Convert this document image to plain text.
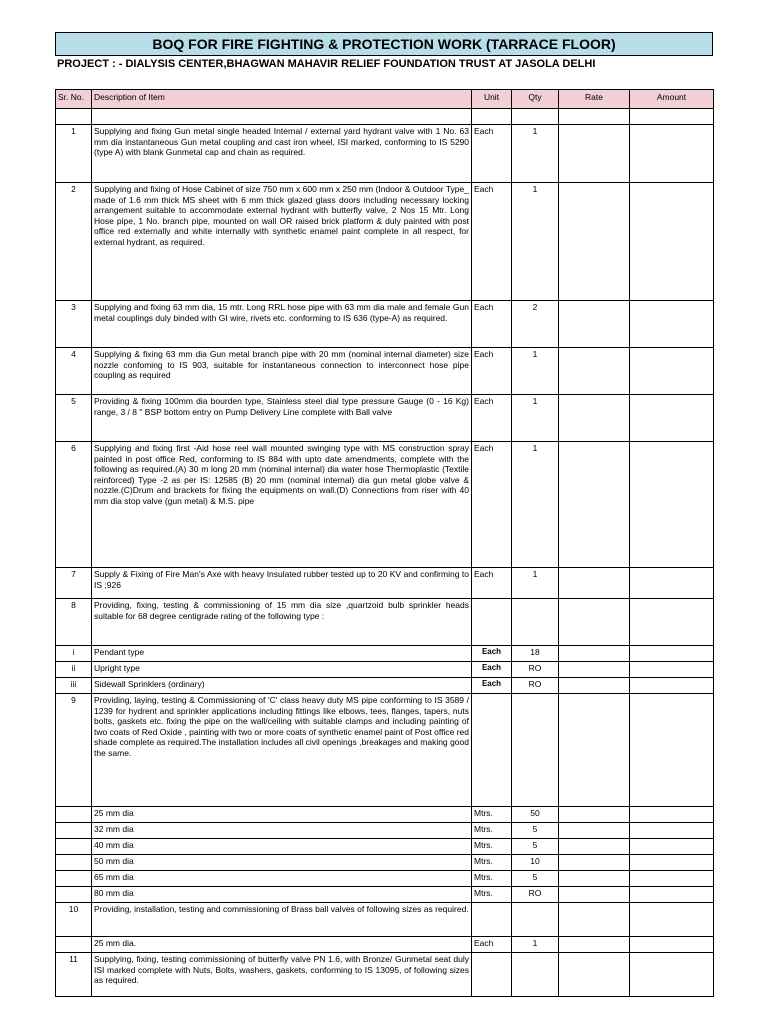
BOQ FOR FIRE FIGHTING & PROTECTION WORK (TARRACE FLOOR)
PROJECT : - DIALYSIS CENTER,BHAGWAN MAHAVIR RELIEF FOUNDATION TRUST AT JASOLA DELHI
Sr. No.	Description of Item	Unit	Qty	Rate	Amount

1	Supplying and fixing Gun metal single headed Internal / external yard hydrant valve with 1 No. 63 mm dia instantaneous Gun metal coupling and cast iron wheel, ISI marked, conforming to IS 5290 (type A) with blank Gunmetal cap and chain as required.	Each	1		
2	Supplying and fixing of Hose Cabinet of size 750 mm x 600 mm x 250 mm (Indoor & Outdoor Type_ made of 1.6 mm thick MS sheet with 6 mm thick glazed glass doors including necessary locking arrangement suitable to accommodate external hydrant with butterfly valve, 2 Nos 15 Mtr. Long Hose pipe, 1 No. branch pipe, mounted on wall OR raised brick platform & duly painted with post office red externally and white internally with synthetic enamel paint complete in all respect, for external hydrant, as required.	Each	1		
3	Supplying and fixing 63 mm dia, 15 mtr. Long RRL hose pipe with 63 mm dia male and female Gun metal couplings duly binded with GI wire, rivets etc. conforming to IS 636 (type-A) as required.	Each	2		
4	Supplying & fixing 63 mm dia Gun metal branch pipe with 20 mm (nominal internal diameter) size nozzle confoming to IS 903, suitable for instantaneous connection to interconnect hose pipe coupling as required	Each	1		
5	Providing & fixing 100mm dia bourden type, Stainless steel dial type pressure Gauge (0 - 16 Kg) range, 3 / 8 " BSP bottom entry on Pump Delivery Line complete with Ball valve	Each	1		
6	Supplying and fixing first -Aid hose reel wall mounted swinging type with MS construction spray painted in post office Red, conforming to IS 884 with upto date amendments, complete with the following as required.(A) 30 m long 20 mm (nominal internal) dia water hose Thermoplastic (Textile reinforced) Type -2 as per IS: 12585 (B) 20 mm (nominal internal) dia gun metal globe valve & nozzle.(C)Drum and brackets for fixing the equipments on wall.(D) Connections from riser with 40 mm dia stop valve (gun metal) & M.S. pipe	Each	1		
7	Supply & Fixing of Fire Man's Axe with heavy Insulated rubber tested up to 20 KV and confirming to IS ;926	Each	1		
8	Providing, fixing, testing & commissioning of 15 mm dia size ,quartzoid bulb sprinkler heads suitable for 68 degree centigrade rating of the following type :				
i	Pendant type	Each	18		
ii	Upright type	Each	RO		
iii	Sidewall Sprinklers (ordinary)	Each	RO		
9	Providing, laying, testing & Commissioning of 'C' class heavy duty MS pipe conforming to IS 3589 / 1239 for hydrent and sprinkler applications including fittings like elbows, tees, flanges, tapers, nuts bolts, gaskets etc. fixing the pipe on the wall/ceiling with suitable clamps and including painting of two coats of Red Oxide , painting with two or more coats of synthetic enamel paint of Post office red shade complete as required.The installation includes all civil openings ,breakages and making good the same.				
	25 mm dia	Mtrs.	50		
	32 mm dia	Mtrs.	5		
	40 mm dia	Mtrs.	5		
	50 mm dia	Mtrs.	10		
	65 mm dia	Mtrs.	5		
	80 mm dia	Mtrs.	RO		
10	Providing, installation, testing and commissioning of Brass ball valves of following sizes as required.				
	25 mm dia.	Each	1		
11	Supplying, fixing, testing commissioning of butterfly valve PN 1.6, with Bronze/ Gunmetal seat duly ISI marked complete with Nuts, Bolts, washers, gaskets, conforming to IS 13095, of following sizes as required.				
